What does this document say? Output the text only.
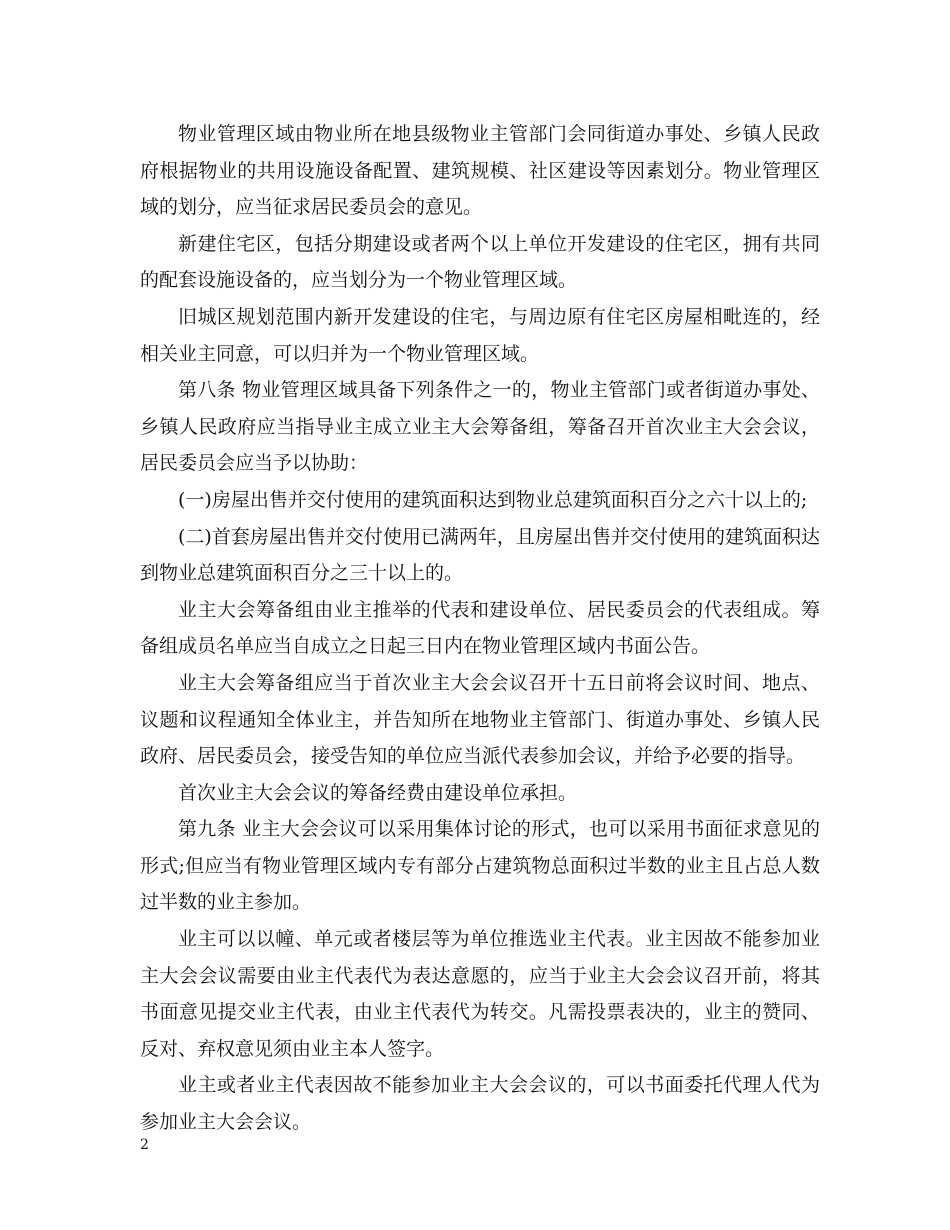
物业管理区域由物业所在地县级物业主管部门会同街道办事处、乡镇人民政府根据物业的共用设施设备配置、建筑规模、社区建设等因素划分。物业管理区域的划分，应当征求居民委员会的意见。

新建住宅区，包括分期建设或者两个以上单位开发建设的住宅区，拥有共同的配套设施设备的，应当划分为一个物业管理区域。

旧城区规划范围内新开发建设的住宅，与周边原有住宅区房屋相毗连的，经相关业主同意，可以归并为一个物业管理区域。

第八条 物业管理区域具备下列条件之一的，物业主管部门或者街道办事处、乡镇人民政府应当指导业主成立业主大会筹备组，筹备召开首次业主大会会议，居民委员会应当予以协助：

(一)房屋出售并交付使用的建筑面积达到物业总建筑面积百分之六十以上的;

(二)首套房屋出售并交付使用已满两年，且房屋出售并交付使用的建筑面积达到物业总建筑面积百分之三十以上的。

业主大会筹备组由业主推举的代表和建设单位、居民委员会的代表组成。筹备组成员名单应当自成立之日起三日内在物业管理区域内书面公告。

业主大会筹备组应当于首次业主大会会议召开十五日前将会议时间、地点、议题和议程通知全体业主，并告知所在地物业主管部门、街道办事处、乡镇人民政府、居民委员会，接受告知的单位应当派代表参加会议，并给予必要的指导。

首次业主大会会议的筹备经费由建设单位承担。

第九条 业主大会会议可以采用集体讨论的形式，也可以采用书面征求意见的形式;但应当有物业管理区域内专有部分占建筑物总面积过半数的业主且占总人数过半数的业主参加。

业主可以以幢、单元或者楼层等为单位推选业主代表。业主因故不能参加业主大会会议需要由业主代表代为表达意愿的，应当于业主大会会议召开前，将其书面意见提交业主代表，由业主代表代为转交。凡需投票表决的，业主的赞同、反对、弃权意见须由业主本人签字。

业主或者业主代表因故不能参加业主大会会议的，可以书面委托代理人代为参加业主大会会议。

2
